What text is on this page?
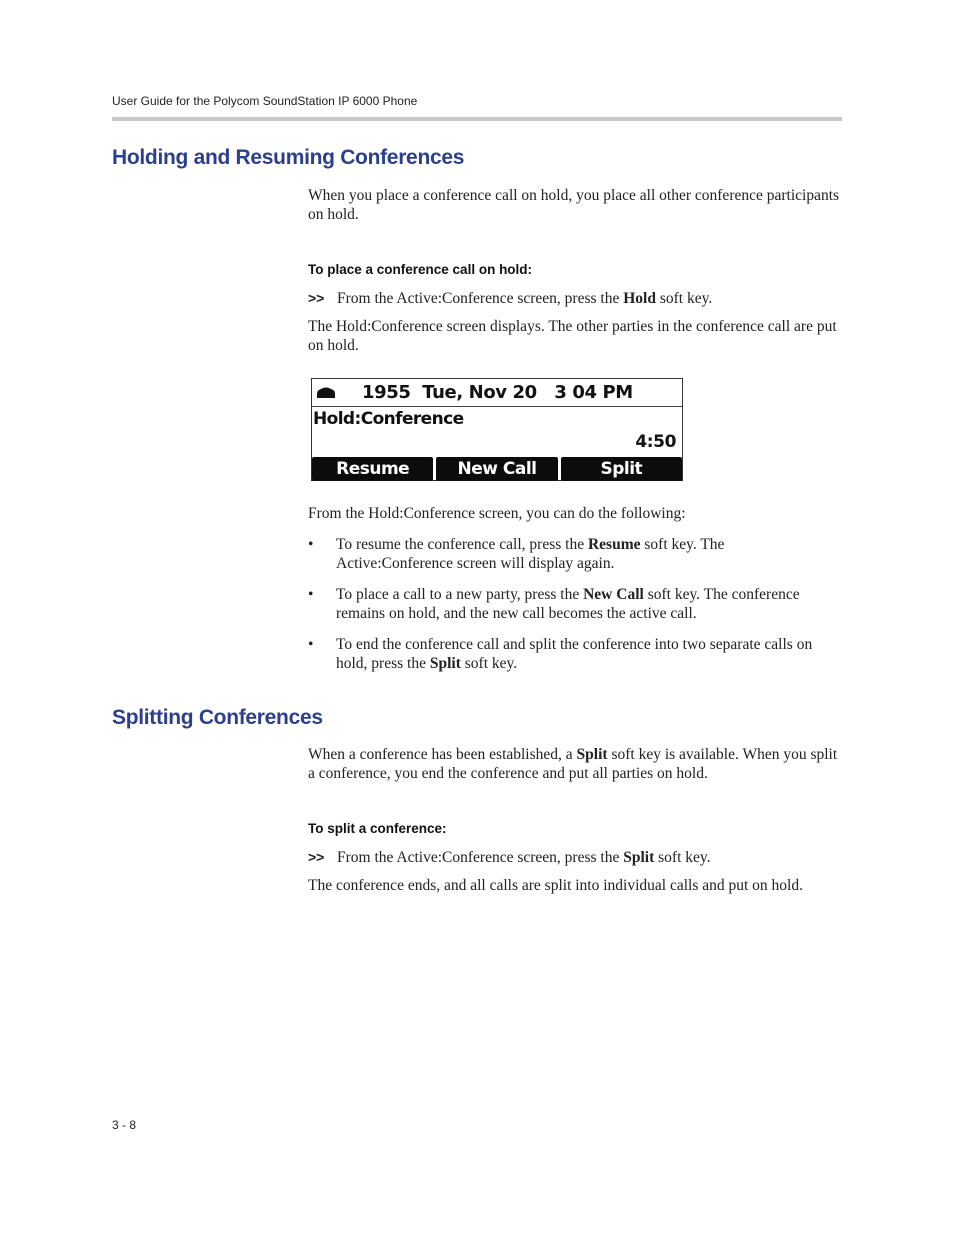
User Guide for the Polycom SoundStation IP 6000 Phone
Holding and Resuming Conferences
When you place a conference call on hold, you place all other conference participants on hold.
To place a conference call on hold:
>> From the Active:Conference screen, press the Hold soft key.
The Hold:Conference screen displays. The other parties in the conference call are put on hold.
1955  Tue, Nov 20   3 04 PM
Hold:Conference
4:50
Resume	New Call	Split
From the Hold:Conference screen, you can do the following:
• To resume the conference call, press the Resume soft key. The Active:Conference screen will display again.
• To place a call to a new party, press the New Call soft key. The conference remains on hold, and the new call becomes the active call.
• To end the conference call and split the conference into two separate calls on hold, press the Split soft key.
Splitting Conferences
When a conference has been established, a Split soft key is available. When you split a conference, you end the conference and put all parties on hold.
To split a conference:
>> From the Active:Conference screen, press the Split soft key.
The conference ends, and all calls are split into individual calls and put on hold.
3 - 8
